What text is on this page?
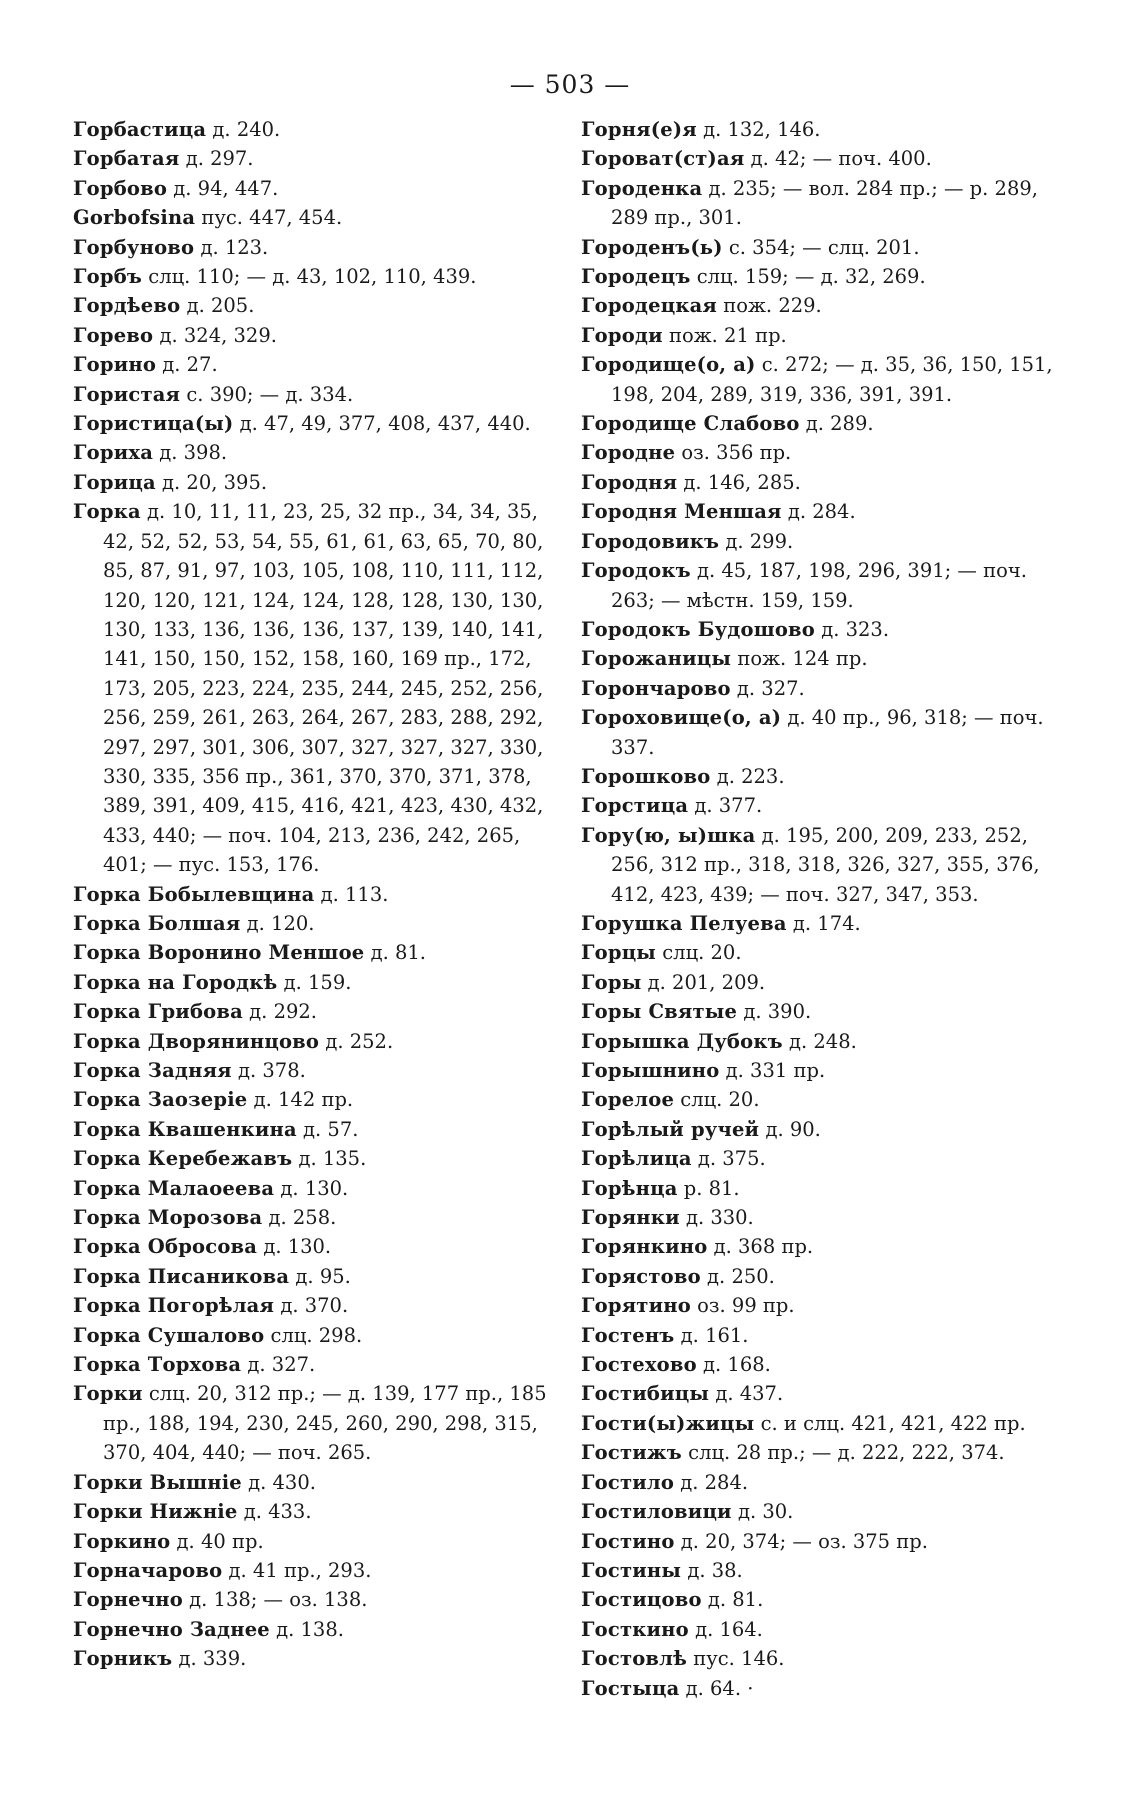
— 503 —
Горбастица д. 240.
Горбатая д. 297.
Горбово д. 94, 447.
Gorbofsina пус. 447, 454.
Горбуново д. 123.
Горбъ слц. 110; — д. 43, 102, 110, 439.
Гордѣево д. 205.
Горево д. 324, 329.
Горино д. 27.
Гористая с. 390; — д. 334.
Гористица(ы) д. 47, 49, 377, 408, 437, 440.
Гориха д. 398.
Горица д. 20, 395.
Горка д. 10, 11, 11, 23, 25, 32 пр., 34, 34, 35, 42, 52, 52, 53, 54, 55, 61, 61, 63, 65, 70, 80, 85, 87, 91, 97, 103, 105, 108, 110, 111, 112, 120, 120, 121, 124, 124, 128, 128, 130, 130, 130, 133, 136, 136, 136, 137, 139, 140, 141, 141, 150, 150, 152, 158, 160, 169 пр., 172, 173, 205, 223, 224, 235, 244, 245, 252, 256, 256, 259, 261, 263, 264, 267, 283, 288, 292, 297, 297, 301, 306, 307, 327, 327, 327, 330, 330, 335, 356 пр., 361, 370, 370, 371, 378, 389, 391, 409, 415, 416, 421, 423, 430, 432, 433, 440; — поч. 104, 213, 236, 242, 265, 401; — пус. 153, 176.
Горка Бобылевщина д. 113.
Горка Болшая д. 120.
Горка Воронино Меншое д. 81.
Горка на Городкѣ д. 159.
Горка Грибова д. 292.
Горка Дворянинцово д. 252.
Горка Задняя д. 378.
Горка Заозеріе д. 142 пр.
Горка Квашенкина д. 57.
Горка Керебежавъ д. 135.
Горка Малаоеева д. 130.
Горка Морозова д. 258.
Горка Обросова д. 130.
Горка Писаникова д. 95.
Горка Погорѣлая д. 370.
Горка Сушалово слц. 298.
Горка Торхова д. 327.
Горки слц. 20, 312 пр.; — д. 139, 177 пр., 185 пр., 188, 194, 230, 245, 260, 290, 298, 315, 370, 404, 440; — поч. 265.
Горки Вышніе д. 430.
Горки Нижніе д. 433.
Горкино д. 40 пр.
Горначарово д. 41 пр., 293.
Горнечно д. 138; — оз. 138.
Горнечно Заднее д. 138.
Горникъ д. 339.
Горня(е)я д. 132, 146.
Горoват(ст)ая д. 42; — поч. 400.
Городенка д. 235; — вол. 284 пр.; — р. 289, 289 пр., 301.
Городенъ(ь) с. 354; — слц. 201.
Городецъ слц. 159; — д. 32, 269.
Городецкая пож. 229.
Городи пож. 21 пр.
Городище(о, а) с. 272; — д. 35, 36, 150, 151, 198, 204, 289, 319, 336, 391, 391.
Городище Слабово д. 289.
Городне оз. 356 пр.
Городня д. 146, 285.
Городня Меншая д. 284.
Городовикъ д. 299.
Городокъ д. 45, 187, 198, 296, 391; — поч. 263; — мѣстн. 159, 159.
Городокъ Будошово д. 323.
Горожаницы пож. 124 пр.
Горончарово д. 327.
Гороховище(о, а) д. 40 пр., 96, 318; — поч. 337.
Горошково д. 223.
Горстица д. 377.
Гору(ю, ы)шка д. 195, 200, 209, 233, 252, 256, 312 пр., 318, 318, 326, 327, 355, 376, 412, 423, 439; — поч. 327, 347, 353.
Горушка Пелуева д. 174.
Горцы слц. 20.
Горы д. 201, 209.
Горы Святые д. 390.
Горышка Дубокъ д. 248.
Горышнино д. 331 пр.
Горелое слц. 20.
Горѣлый ручей д. 90.
Горѣлица д. 375.
Горѣнца р. 81.
Горянки д. 330.
Горянкино д. 368 пр.
Горястово д. 250.
Горятино оз. 99 пр.
Гостенъ д. 161.
Гостехово д. 168.
Гостибицы д. 437.
Гости(ы)жицы с. и слц. 421, 421, 422 пр.
Гостижъ слц. 28 пр.; — д. 222, 222, 374.
Гостило д. 284.
Гостиловици д. 30.
Гостино д. 20, 374; — оз. 375 пр.
Гостины д. 38.
Гостицово д. 81.
Госткино д. 164.
Гостовлѣ пус. 146.
Гостыца д. 64. ·
